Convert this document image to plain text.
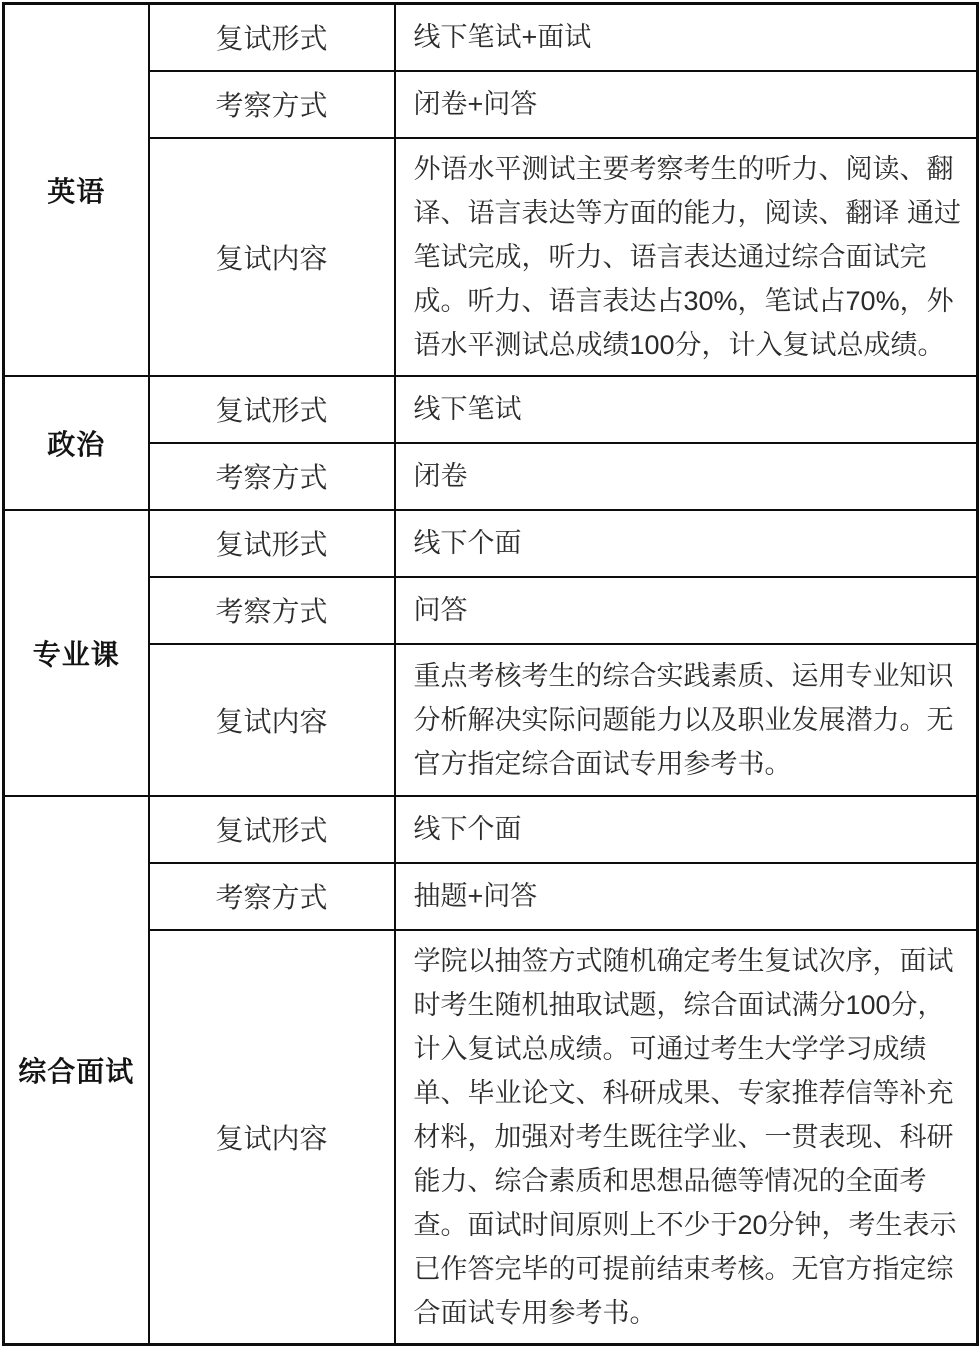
英语	复试形式	线下笔试+面试
	考察方式	闭卷+问答
	复试内容	外语水平测试主要考察考生的听力、阅读、翻译、语言表达等方面的能力，阅读、翻译 通过笔试完成，听力、语言表达通过综合面试完成。听力、语言表达占30%，笔试占70%，外语水平测试总成绩100分，计入复试总成绩。
政治	复试形式	线下笔试
	考察方式	闭卷
专业课	复试形式	线下个面
	考察方式	问答
	复试内容	重点考核考生的综合实践素质、运用专业知识分析解决实际问题能力以及职业发展潜力。无官方指定综合面试专用参考书。
综合面试	复试形式	线下个面
	考察方式	抽题+问答
	复试内容	学院以抽签方式随机确定考生复试次序，面试时考生随机抽取试题，综合面试满分100分，计入复试总成绩。可通过考生大学学习成绩单、毕业论文、科研成果、专家推荐信等补充材料，加强对考生既往学业、一贯表现、科研能力、综合素质和思想品德等情况的全面考查。面试时间原则上不少于20分钟，考生表示已作答完毕的可提前结束考核。无官方指定综合面试专用参考书。
